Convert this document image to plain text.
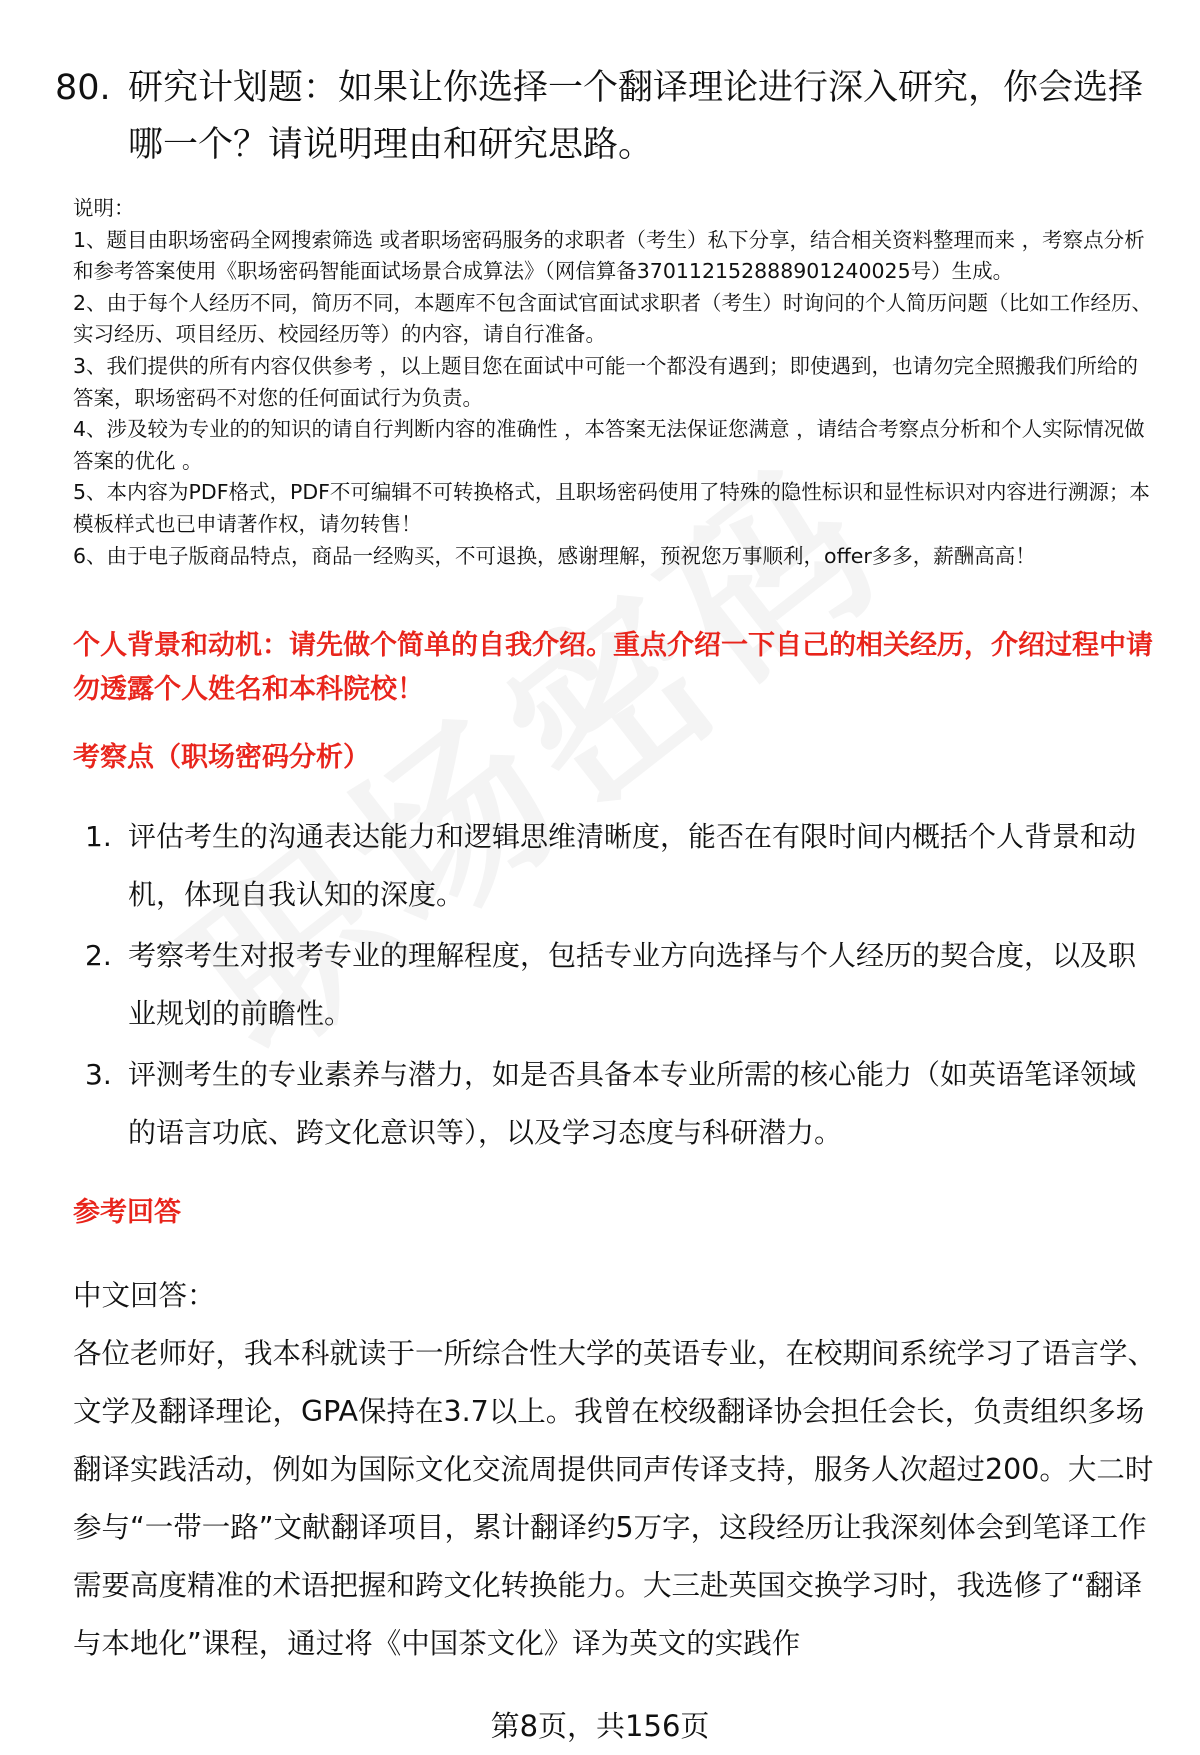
80. 研究计划题：如果让你选择一个翻译理论进行深入研究，你会选择哪一个？请说明理由和研究思路。
说明：
1、题目由职场密码全网搜索筛选 或者职场密码服务的求职者（考生）私下分享，结合相关资料整理而来 ，考察点分析和参考答案使用《职场密码智能面试场景合成算法》（网信算备370112152888901240025号）生成。
2、由于每个人经历不同，简历不同，本题库不包含面试官面试求职者（考生）时询问的个人简历问题（比如工作经历、实习经历、项目经历、校园经历等）的内容，请自行准备。
3、我们提供的所有内容仅供参考 ，以上题目您在面试中可能一个都没有遇到；即使遇到，也请勿完全照搬我们所给的答案，职场密码不对您的任何面试行为负责。
4、涉及较为专业的的知识的请自行判断内容的准确性 ，本答案无法保证您满意 ，请结合考察点分析和个人实际情况做答案的优化 。
5、本内容为PDF格式，PDF不可编辑不可转换格式，且职场密码使用了特殊的隐性标识和显性标识对内容进行溯源；本模板样式也已申请著作权，请勿转售！
6、由于电子版商品特点，商品一经购买，不可退换，感谢理解，预祝您万事顺利，offer多多，薪酬高高！
个人背景和动机：请先做个简单的自我介绍。重点介绍一下自己的相关经历，介绍过程中请勿透露个人姓名和本科院校！
考察点（职场密码分析）
1. 评估考生的沟通表达能力和逻辑思维清晰度，能否在有限时间内概括个人背景和动机，体现自我认知的深度。
2. 考察考生对报考专业的理解程度，包括专业方向选择与个人经历的契合度，以及职业规划的前瞻性。
3. 评测考生的专业素养与潜力，如是否具备本专业所需的核心能力（如英语笔译领域的语言功底、跨文化意识等），以及学习态度与科研潜力。
参考回答
中文回答：
各位老师好，我本科就读于一所综合性大学的英语专业，在校期间系统学习了语言学、文学及翻译理论，GPA保持在3.7以上。我曾在校级翻译协会担任会长，负责组织多场翻译实践活动，例如为国际文化交流周提供同声传译支持，服务人次超过200。大二时参与“一带一路”文献翻译项目，累计翻译约5万字，这段经历让我深刻体会到笔译工作需要高度精准的术语把握和跨文化转换能力。大三赴英国交换学习时，我选修了“翻译与本地化”课程，通过将《中国茶文化》译为英文的实践作
第8页，共156页
